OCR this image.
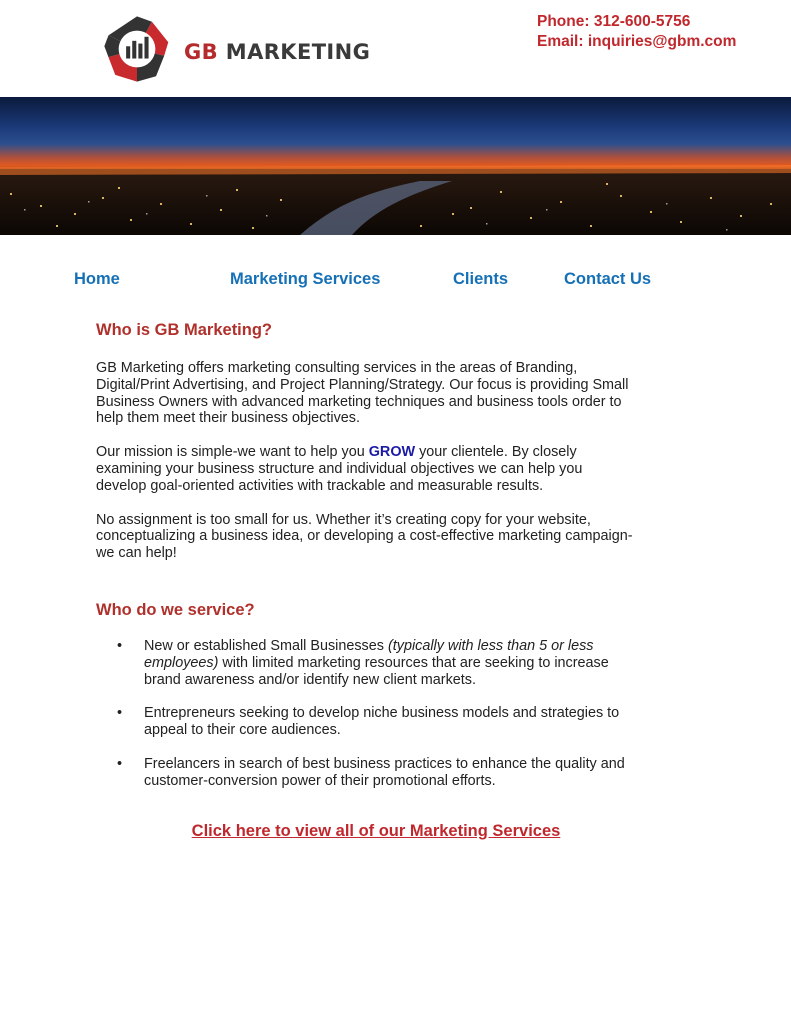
GB MARKETING
Phone: 312-600-5756
Email: inquiries@gbm.com
Home	Marketing Services	Clients	Contact Us
Who is GB Marketing?

GB Marketing offers marketing consulting services in the areas of Branding, Digital/Print Advertising, and Project Planning/Strategy. Our focus is providing Small Business Owners with advanced marketing techniques and business tools order to help them meet their business objectives.

Our mission is simple-we want to help you GROW your clientele. By closely examining your business structure and individual objectives we can help you develop goal-oriented activities with trackable and measurable results.

No assignment is too small for us. Whether it’s creating copy for your website, conceptualizing a business idea, or developing a cost-effective marketing campaign-we can help!

Who do we service?
• New or established Small Businesses (typically with less than 5 or less employees) with limited marketing resources that are seeking to increase brand awareness and/or identify new client markets.
• Entrepreneurs seeking to develop niche business models and strategies to appeal to their core audiences.
• Freelancers in search of best business practices to enhance the quality and customer-conversion power of their promotional efforts.
Click here to view all of our Marketing Services
